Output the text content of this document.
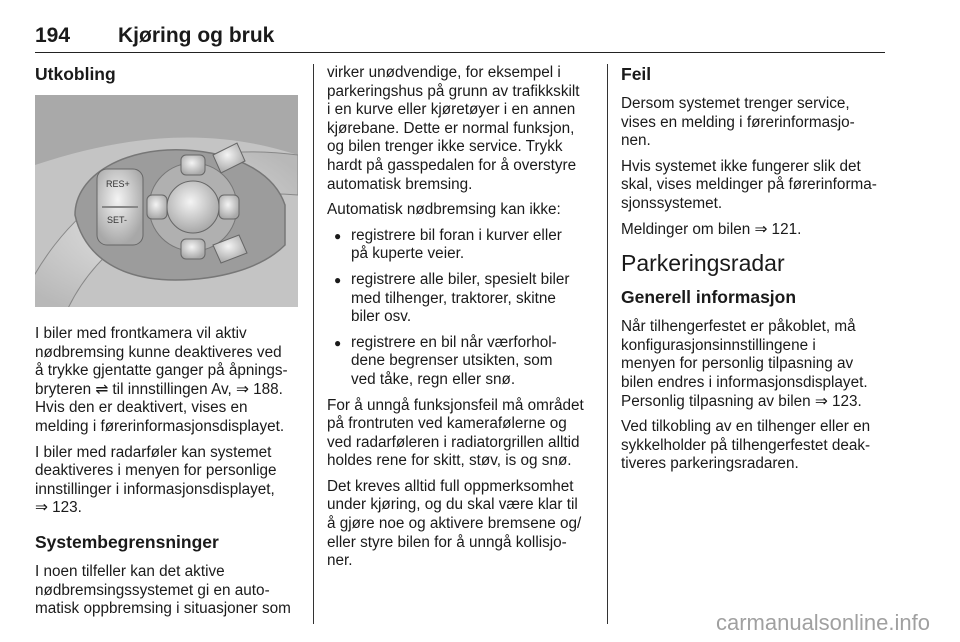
194 Kjøring og bruk
Utkobling
RES+
SET-

I biler med frontkamera vil aktiv
nødbremsing kunne deaktiveres ved
å trykke gjentatte ganger på åpnings-
bryteren ⇌ til innstillingen Av, ⇒ 188.
Hvis den er deaktivert, vises en
melding i førerinformasjonsdisplayet.

I biler med radarføler kan systemet
deaktiveres i menyen for personlige
innstillinger i informasjonsdisplayet,
⇒ 123.

Systembegrensninger

I noen tilfeller kan det aktive
nødbremsingssystemet gi en auto-
matisk oppbremsing i situasjoner som

virker unødvendige, for eksempel i
parkeringshus på grunn av trafikkskilt
i en kurve eller kjøretøyer i en annen
kjørebane. Dette er normal funksjon,
og bilen trenger ikke service. Trykk
hardt på gasspedalen for å overstyre
automatisk bremsing.

Automatisk nødbremsing kan ikke:

● registrere bil foran i kurver eller
på kuperte veier.
● registrere alle biler, spesielt biler
med tilhenger, traktorer, skitne
biler osv.
● registrere en bil når værforhol-
dene begrenser utsikten, som
ved tåke, regn eller snø.

For å unngå funksjonsfeil må området
på frontruten ved kamerafølerne og
ved radarføleren i radiatorgrillen alltid
holdes rene for skitt, støv, is og snø.

Det kreves alltid full oppmerksomhet
under kjøring, og du skal være klar til
å gjøre noe og aktivere bremsene og/
eller styre bilen for å unngå kollisjo-
ner.

Feil

Dersom systemet trenger service,
vises en melding i førerinformasjo-
nen.

Hvis systemet ikke fungerer slik det
skal, vises meldinger på førerinforma-
sjonssystemet.

Meldinger om bilen ⇒ 121.

Parkeringsradar
Generell informasjon

Når tilhengerfestet er påkoblet, må
konfigurasjonsinnstillingene i
menyen for personlig tilpasning av
bilen endres i informasjonsdisplayet.
Personlig tilpasning av bilen ⇒ 123.

Ved tilkobling av en tilhenger eller en
sykkelholder på tilhengerfestet deak-
tiveres parkeringsradaren.

carmanualsonline.info
